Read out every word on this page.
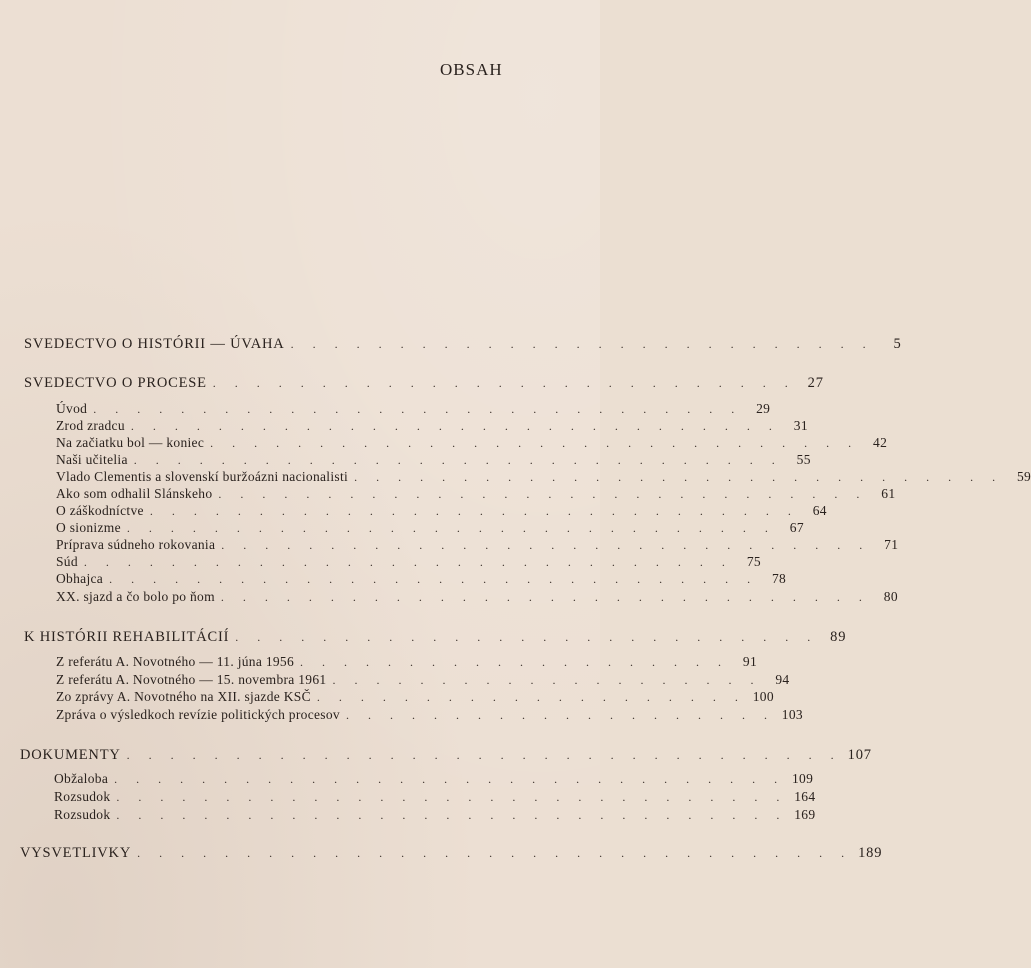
OBSAH
SVEDECTVO O HISTÓRII — ÚVAHA . . . . . . . . . . . . . . . . . . . . . . . . . . .	5
SVEDECTVO O PROCESE . . . . . . . . . . . . . . . . . . . . . . . . . . . 27
Úvod . . . . . . . . . . . . . . . . . . . . . . . . . . . . . .	29
Zrod zradcu . . . . . . . . . . . . . . . . . . . . . . . . . . . . . .	31
Na začiatku bol — koniec . . . . . . . . . . . . . . . . . . . . . . . . . . . . . .	42
Naši učitelia . . . . . . . . . . . . . . . . . . . . . . . . . . . . . .	55
Vlado Clementis a slovenskí buržoázni nacionalisti . . . . . . . . . . . . . . . . . . . . . . . . . . . . . .	59
Ako som odhalil Slánskeho . . . . . . . . . . . . . . . . . . . . . . . . . . . . . .	61
O záškodníctve . . . . . . . . . . . . . . . . . . . . . . . . . . . . . .	64
O sionizme . . . . . . . . . . . . . . . . . . . . . . . . . . . . . .	67
Príprava súdneho rokovania . . . . . . . . . . . . . . . . . . . . . . . . . . . . . .	71
Súd . . . . . . . . . . . . . . . . . . . . . . . . . . . . . .	75
Obhajca . . . . . . . . . . . . . . . . . . . . . . . . . . . . . .	78
XX. sjazd a čo bolo po ňom . . . . . . . . . . . . . . . . . . . . . . . . . . . . . .	80
K HISTÓRII REHABILITÁCIÍ . . . . . . . . . . . . . . . . . . . . . . . . . . . 89
Z referátu A. Novotného — 11. júna 1956 . . . . . . . . . . . . . . . . . . . .	91
Z referátu A. Novotného — 15. novembra 1961 . . . . . . . . . . . . . . . . . . . .	94
Zo zprávy A. Novotného na XII. sjazde KSČ . . . . . . . . . . . . . . . . . . . . 100
Zpráva o výsledkoch revízie politických procesov . . . . . . . . . . . . . . . . . . . . 103
DOKUMENTY . . . . . . . . . . . . . . . . . . . . . . . . . . . . . . . . . 107
Obžaloba . . . . . . . . . . . . . . . . . . . . . . . . . . . . . . . 109
Rozsudok . . . . . . . . . . . . . . . . . . . . . . . . . . . . . . . 164
Rozsudok . . . . . . . . . . . . . . . . . . . . . . . . . . . . . . . 169
VYSVETLIVKY . . . . . . . . . . . . . . . . . . . . . . . . . . . . . . . . . 189
